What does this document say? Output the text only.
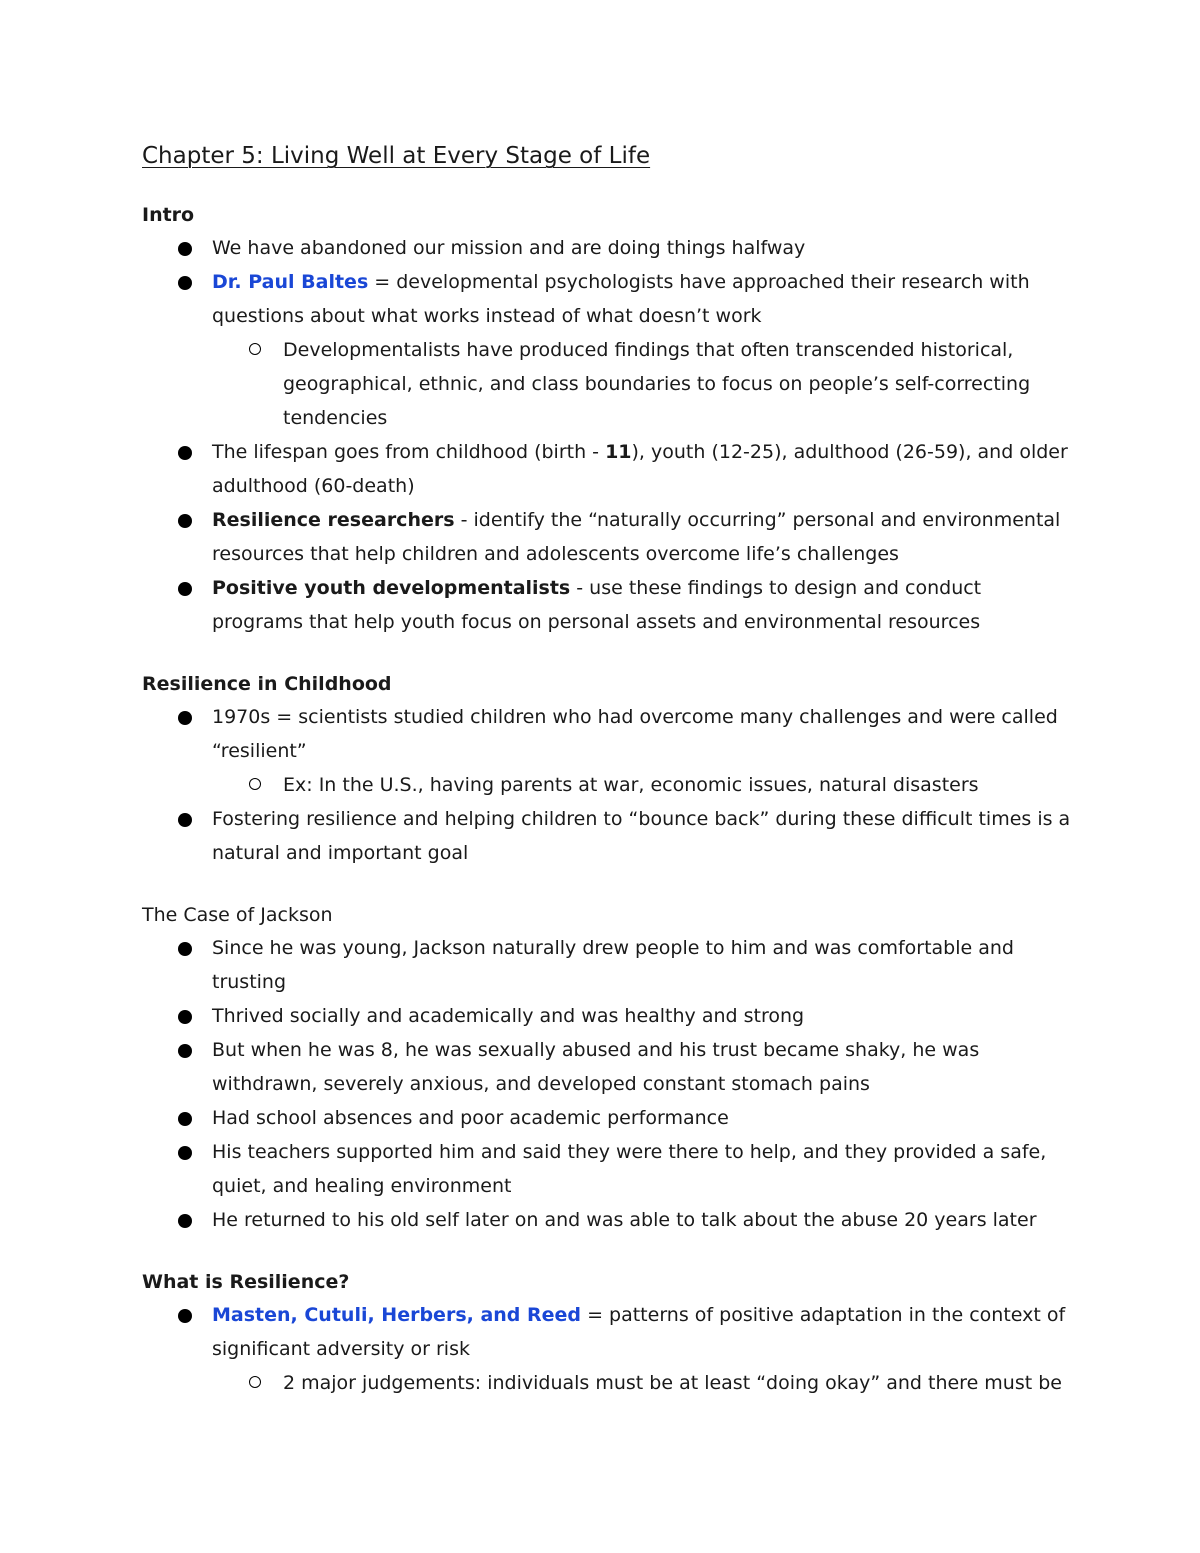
Chapter 5: Living Well at Every Stage of Life
Intro
We have abandoned our mission and are doing things halfway
Dr. Paul Baltes = developmental psychologists have approached their research with questions about what works instead of what doesn’t work
Developmentalists have produced findings that often transcended historical, geographical, ethnic, and class boundaries to focus on people’s self-correcting tendencies
The lifespan goes from childhood (birth - 11), youth (12-25), adulthood (26-59), and older adulthood (60-death)
Resilience researchers - identify the “naturally occurring” personal and environmental resources that help children and adolescents overcome life’s challenges
Positive youth developmentalists - use these findings to design and conduct programs that help youth focus on personal assets and environmental resources
Resilience in Childhood
1970s = scientists studied children who had overcome many challenges and were called “resilient”
Ex: In the U.S., having parents at war, economic issues, natural disasters
Fostering resilience and helping children to “bounce back” during these difficult times is a natural and important goal
The Case of Jackson
Since he was young, Jackson naturally drew people to him and was comfortable and trusting
Thrived socially and academically and was healthy and strong
But when he was 8, he was sexually abused and his trust became shaky, he was withdrawn, severely anxious, and developed constant stomach pains
Had school absences and poor academic performance
His teachers supported him and said they were there to help, and they provided a safe, quiet, and healing environment
He returned to his old self later on and was able to talk about the abuse 20 years later
What is Resilience?
Masten, Cutuli, Herbers, and Reed = patterns of positive adaptation in the context of significant adversity or risk
2 major judgements: individuals must be at least “doing okay” and there must be
